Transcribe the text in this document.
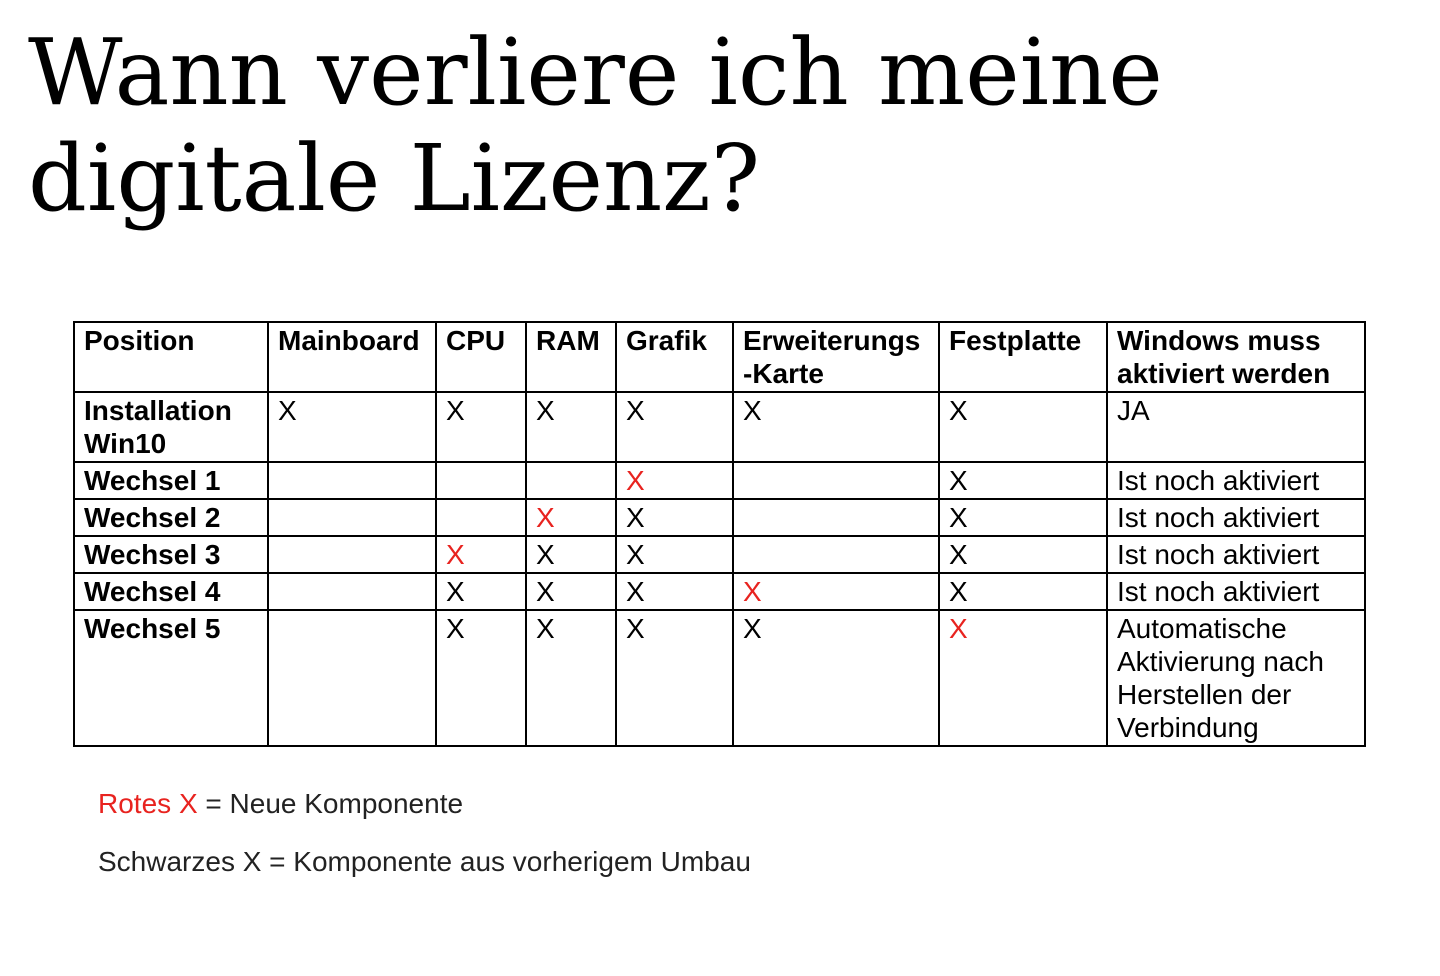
Wann verliere ich meine digitale Lizenz?
Position	Mainboard	CPU	RAM	Grafik	Erweiterungs -Karte	Festplatte	Windows muss aktiviert werden
Installation Win10	X	X	X	X	X	X	JA
Wechsel 1				X		X	Ist noch aktiviert
Wechsel 2			X	X		X	Ist noch aktiviert
Wechsel 3		X	X	X		X	Ist noch aktiviert
Wechsel 4		X	X	X	X	X	Ist noch aktiviert
Wechsel 5		X	X	X	X	X	Automatische Aktivierung nach Herstellen der Verbindung
Rotes X = Neue Komponente
Schwarzes X = Komponente aus vorherigem Umbau
